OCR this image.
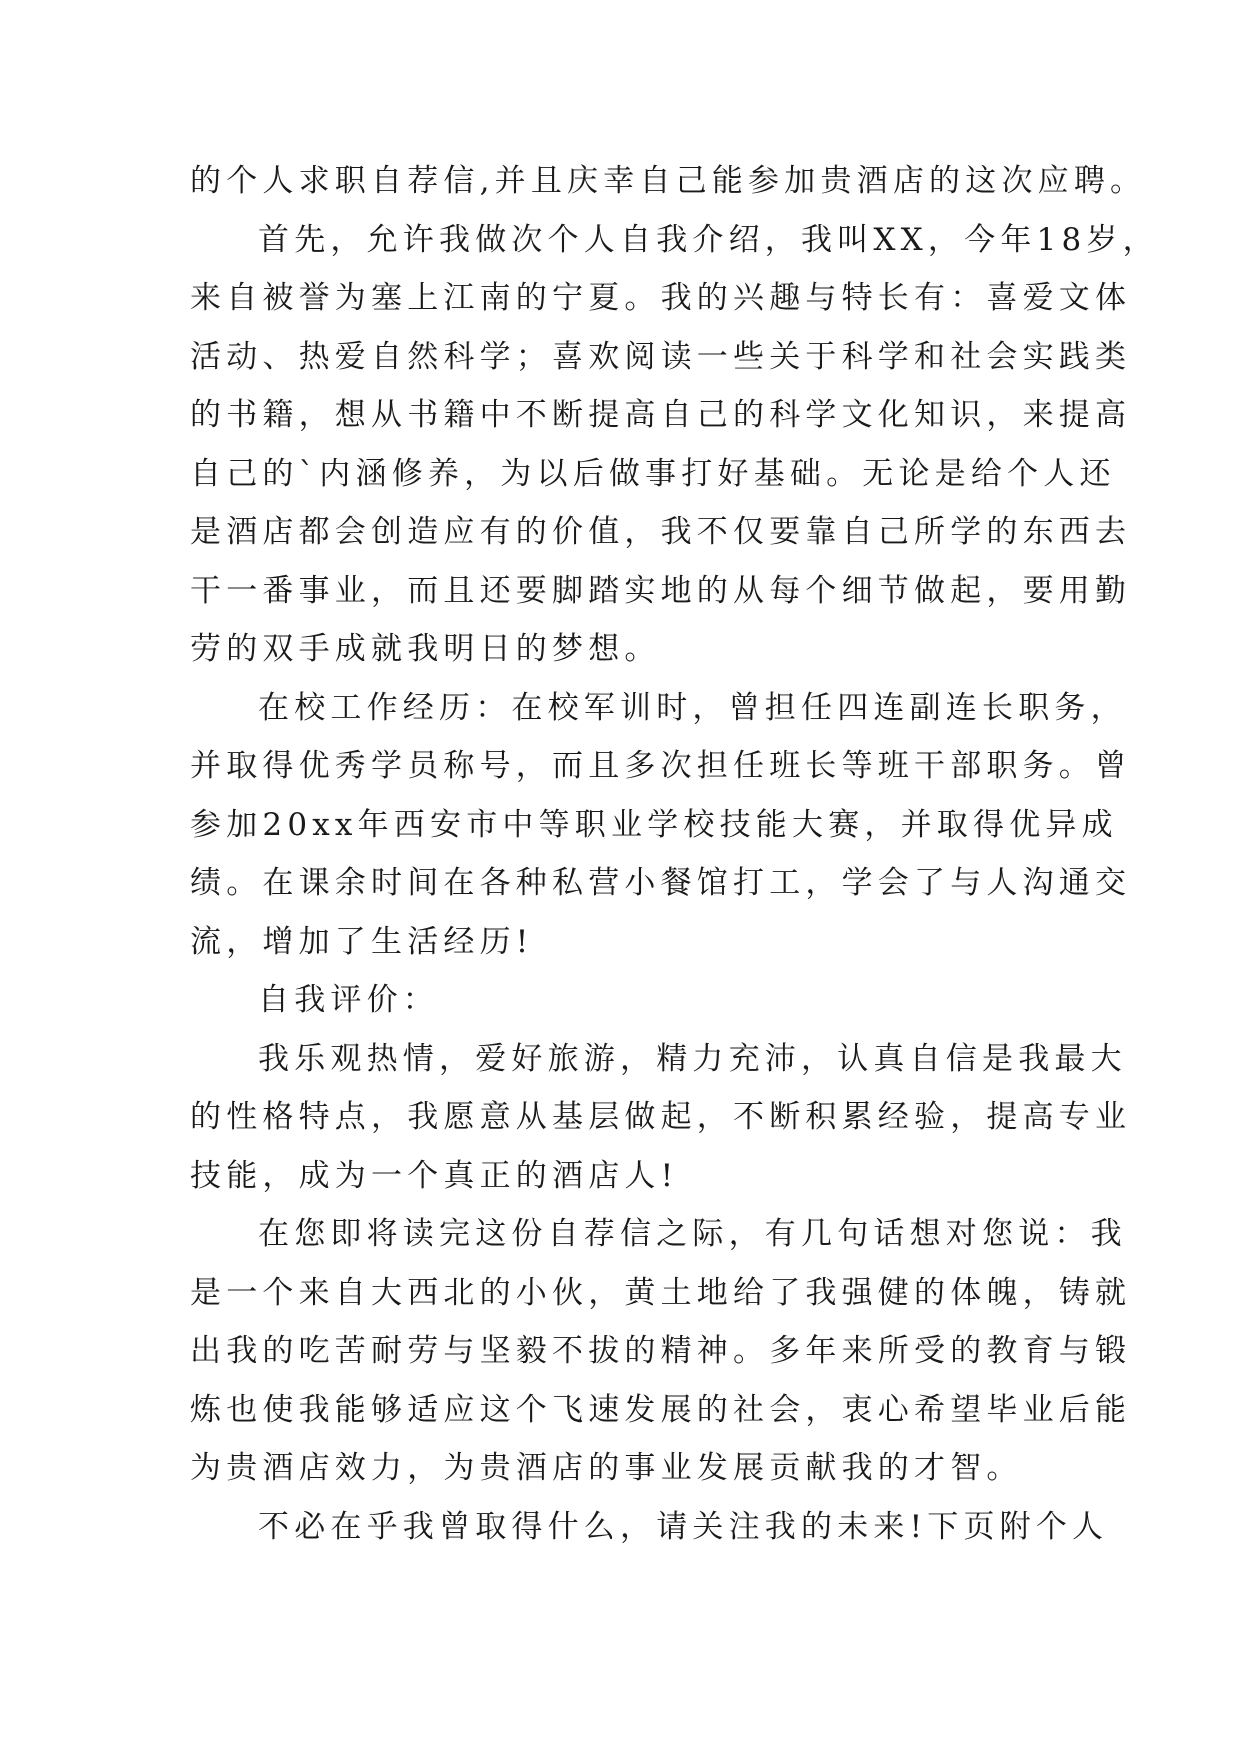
的个人求职自荐信,并且庆幸自己能参加贵酒店的这次应聘。
首先，允许我做次个人自我介绍，我叫XX，今年18岁，
来自被誉为塞上江南的宁夏。我的兴趣与特长有：喜爱文体
活动、热爱自然科学；喜欢阅读一些关于科学和社会实践类
的书籍，想从书籍中不断提高自己的科学文化知识，来提高
自己的`内涵修养，为以后做事打好基础。无论是给个人还
是酒店都会创造应有的价值，我不仅要靠自己所学的东西去
干一番事业，而且还要脚踏实地的从每个细节做起，要用勤
劳的双手成就我明日的梦想。
在校工作经历：在校军训时，曾担任四连副连长职务，
并取得优秀学员称号，而且多次担任班长等班干部职务。曾
参加20xx年西安市中等职业学校技能大赛，并取得优异成
绩。在课余时间在各种私营小餐馆打工，学会了与人沟通交
流，增加了生活经历!
自我评价：
我乐观热情，爱好旅游，精力充沛，认真自信是我最大
的性格特点，我愿意从基层做起，不断积累经验，提高专业
技能，成为一个真正的酒店人!
在您即将读完这份自荐信之际，有几句话想对您说：我
是一个来自大西北的小伙，黄土地给了我强健的体魄，铸就
出我的吃苦耐劳与坚毅不拔的精神。多年来所受的教育与锻
炼也使我能够适应这个飞速发展的社会，衷心希望毕业后能
为贵酒店效力，为贵酒店的事业发展贡献我的才智。
不必在乎我曾取得什么，请关注我的未来!下页附个人
